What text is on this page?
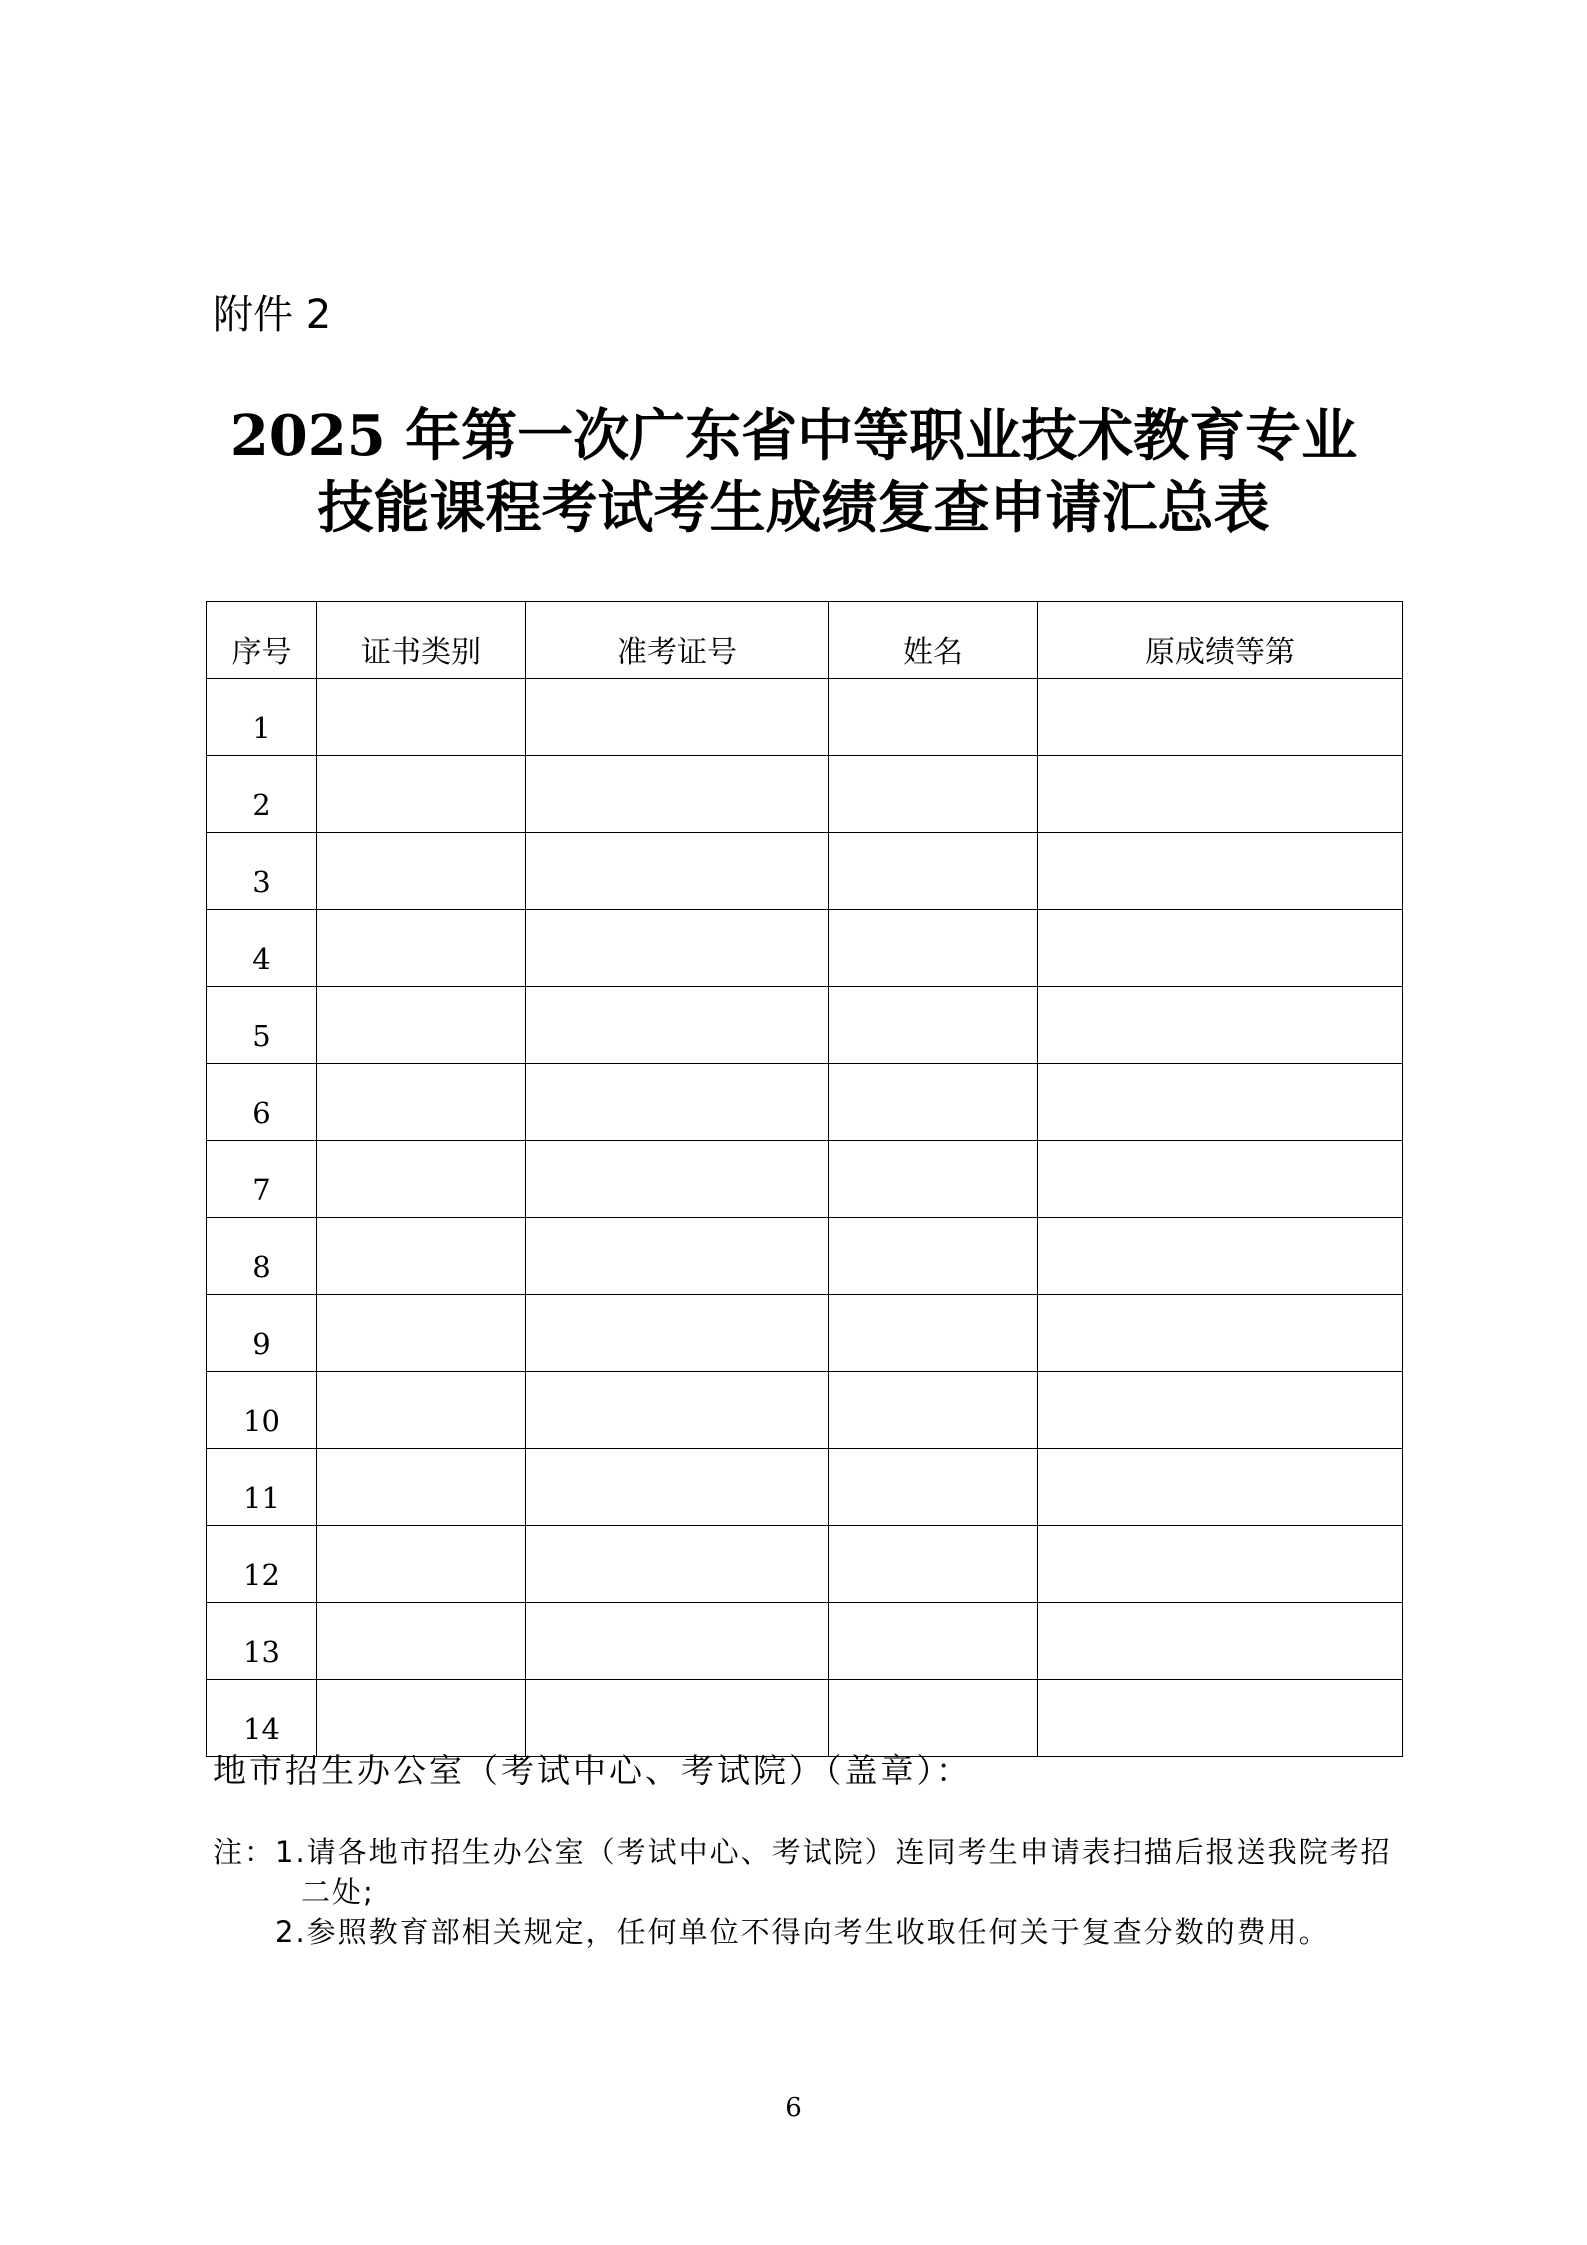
附件 2
2025 年第一次广东省中等职业技术教育专业
技能课程考试考生成绩复查申请汇总表
序号	证书类别	准考证号	姓名	原成绩等第
1				
2				
3				
4				
5				
6				
7				
8				
9				
10				
11				
12				
13				
14				
地市招生办公室（考试中心、考试院）（盖章）：
注： 1.请各地市招生办公室（考试中心、考试院）连同考生申请表扫描后报送我院考招二处;
2.参照教育部相关规定，任何单位不得向考生收取任何关于复查分数的费用。
6
